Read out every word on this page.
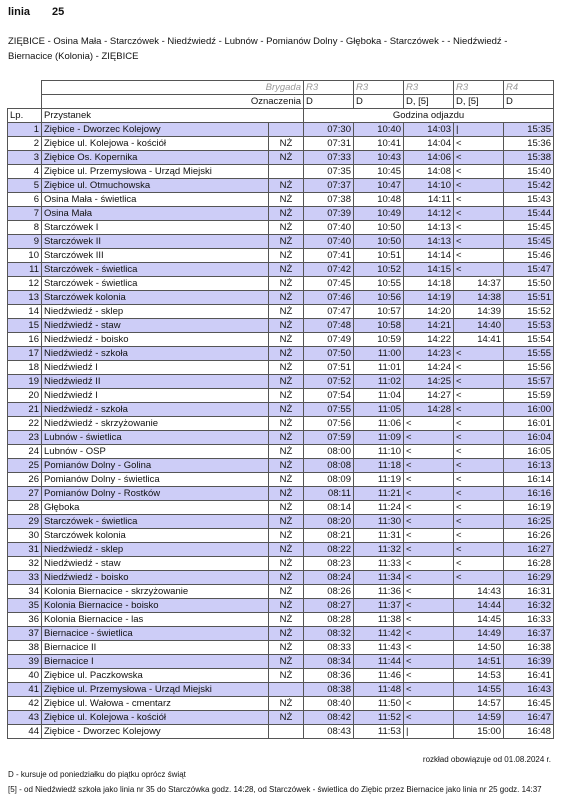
linia 25
ZIĘBICE - Osina Mała - Starczówek - Niedźwiedź - Lubnów - Pomianów Dolny - Głęboka - Starczówek - - Niedźwiedź - Biernacice (Kolonia) - ZIĘBICE
	Brygada		R3	R3	R3	R3	R4
	Oznaczenia		D	D	D, [5]	D, [5]	D
Lp.	Przystanek		Godzina odjazdu				
1	Ziębice - Dworzec Kolejowy		07:30	10:40	14:03	|	15:35
2	Ziębice ul. Kolejowa - kościół	NŻ	07:31	10:41	14:04	<	15:36
3	Ziębice Os. Kopernika	NŻ	07:33	10:43	14:06	<	15:38
4	Ziębice ul. Przemysłowa - Urząd Miejski		07:35	10:45	14:08	<	15:40
5	Ziębice ul. Otmuchowska	NŻ	07:37	10:47	14:10	<	15:42
6	Osina Mała - świetlica	NŻ	07:38	10:48	14:11	<	15:43
7	Osina Mała	NŻ	07:39	10:49	14:12	<	15:44
8	Starczówek I	NŻ	07:40	10:50	14:13	<	15:45
9	Starczówek II	NŻ	07:40	10:50	14:13	<	15:45
10	Starczówek III	NŻ	07:41	10:51	14:14	<	15:46
11	Starczówek - świetlica	NŻ	07:42	10:52	14:15	<	15:47
12	Starczówek - świetlica	NŻ	07:45	10:55	14:18	14:37	15:50
13	Starczówek kolonia	NŻ	07:46	10:56	14:19	14:38	15:51
14	Niedźwiedź - sklep	NŻ	07:47	10:57	14:20	14:39	15:52
15	Niedźwiedź - staw	NŻ	07:48	10:58	14:21	14:40	15:53
16	Niedźwiedź - boisko	NŻ	07:49	10:59	14:22	14:41	15:54
17	Niedźwiedź - szkoła	NŻ	07:50	11:00	14:23	<	15:55
18	Niedźwiedź I	NŻ	07:51	11:01	14:24	<	15:56
19	Niedźwiedź II	NŻ	07:52	11:02	14:25	<	15:57
20	Niedźwiedź I	NŻ	07:54	11:04	14:27	<	15:59
21	Niedźwiedź - szkoła	NŻ	07:55	11:05	14:28	<	16:00
22	Niedźwiedź - skrzyżowanie	NŻ	07:56	11:06	<	<	16:01
23	Lubnów - świetlica	NŻ	07:59	11:09	<	<	16:04
24	Lubnów - OSP	NŻ	08:00	11:10	<	<	16:05
25	Pomianów Dolny - Golina	NŻ	08:08	11:18	<	<	16:13
26	Pomianów Dolny - świetlica	NŻ	08:09	11:19	<	<	16:14
27	Pomianów Dolny - Rostków	NŻ	08:11	11:21	<	<	16:16
28	Głęboka	NŻ	08:14	11:24	<	<	16:19
29	Starczówek - świetlica	NŻ	08:20	11:30	<	<	16:25
30	Starczówek kolonia	NŻ	08:21	11:31	<	<	16:26
31	Niedźwiedź - sklep	NŻ	08:22	11:32	<	<	16:27
32	Niedźwiedź - staw	NŻ	08:23	11:33	<	<	16:28
33	Niedźwiedź - boisko	NŻ	08:24	11:34	<	<	16:29
34	Kolonia Biernacice - skrzyżowanie	NŻ	08:26	11:36	<	14:43	16:31
35	Kolonia Biernacice - boisko	NŻ	08:27	11:37	<	14:44	16:32
36	Kolonia Biernacice - las	NŻ	08:28	11:38	<	14:45	16:33
37	Biernacice - świetlica	NŻ	08:32	11:42	<	14:49	16:37
38	Biernacice II	NŻ	08:33	11:43	<	14:50	16:38
39	Biernacice I	NŻ	08:34	11:44	<	14:51	16:39
40	Ziębice ul. Paczkowska	NŻ	08:36	11:46	<	14:53	16:41
41	Ziębice ul. Przemysłowa - Urząd Miejski		08:38	11:48	<	14:55	16:43
42	Ziębice ul. Wałowa - cmentarz	NŻ	08:40	11:50	<	14:57	16:45
43	Ziębice ul. Kolejowa - kościół	NŻ	08:42	11:52	<	14:59	16:47
44	Ziębice - Dworzec Kolejowy		08:43	11:53	|	15:00	16:48
rozkład obowiązuje od 01.08.2024 r.
D - kursuje od poniedziałku do piątku oprócz świąt
[5] - od Niedźwiedź szkoła jako linia nr 35 do Starczówka godz. 14:28, od Starczówek - świetlica do Ziębic przez Biernacice jako linia nr 25 godz. 14:37
